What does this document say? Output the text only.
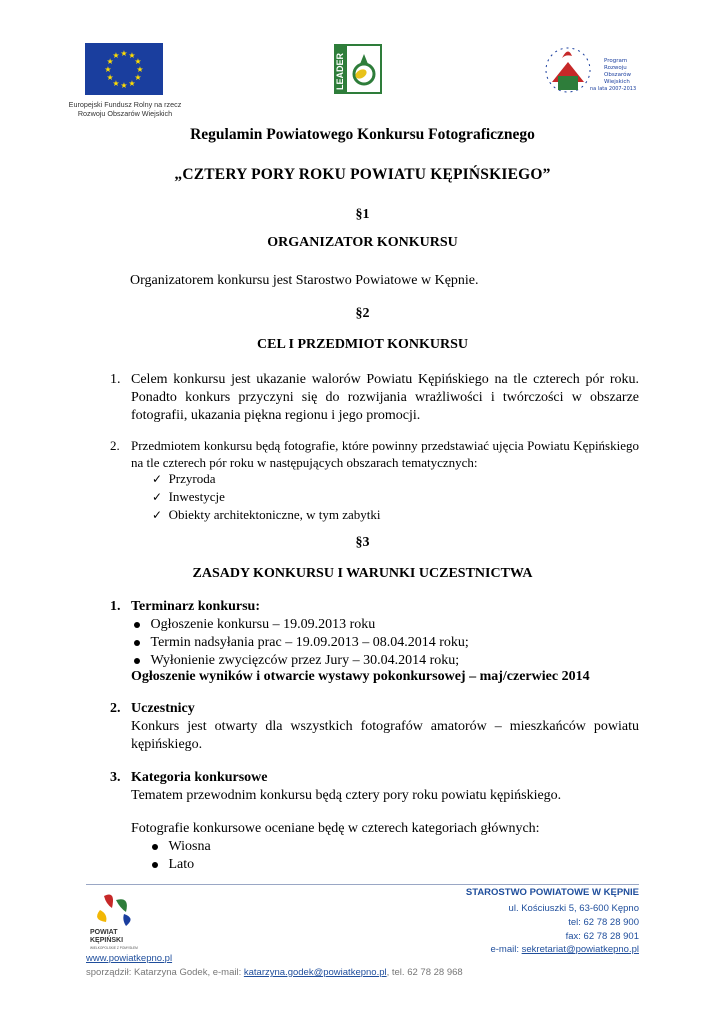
★ ★
★
★
★
★
★
★
★
★
★
★
Europejski Fundusz Rolny na rzecz
Rozwoju Obszarów Wiejskich
LEADER	Program
Rozwoju
Obszarów
Wiejskich
na lata 2007-2013
Regulamin Powiatowego Konkursu Fotograficznego
„CZTERY PORY ROKU POWIATU KĘPIŃSKIEGO”
§1
ORGANIZATOR KONKURSU
Organizatorem konkursu jest Starostwo Powiatowe w Kępnie.
§2
CEL I PRZEDMIOT KONKURSU
1. Celem konkursu jest ukazanie walorów Powiatu Kępińskiego na tle czterech pór roku. Ponadto konkurs przyczyni się do rozwijania wrażliwości i twórczości w obszarze fotografii, ukazania piękna regionu i jego promocji.
2. Przedmiotem konkursu będą fotografie, które powinny przedstawiać ujęcia Powiatu Kępińskiego na tle czterech pór roku w następujących obszarach tematycznych:
✓ Przyroda
✓ Inwestycje
✓ Obiekty architektoniczne, w tym zabytki
§3
ZASADY KONKURSU I WARUNKI UCZESTNICTWA
1. Terminarz konkursu:
Ogłoszenie konkursu – 19.09.2013 roku
Termin nadsyłania prac – 19.09.2013 – 08.04.2014 roku;
Wyłonienie zwycięzców przez Jury – 30.04.2014 roku;
Ogłoszenie wyników i otwarcie wystawy pokonkursowej – maj/czerwiec 2014
2. Uczestnicy
Konkurs jest otwarty dla wszystkich fotografów amatorów – mieszkańców powiatu kępińskiego.
3. Kategoria konkursowe
Tematem przewodnim konkursu będą cztery pory roku powiatu kępińskiego.
Fotografie konkursowe oceniane będę w czterech kategoriach głównych:
Wiosna
Lato
POWIAT
KĘPIŃSKI
WIELKOPOLSKIE Z POMYSŁEM
STAROSTWO POWIATOWE W KĘPNIE
ul. Kościuszki 5, 63-600 Kępno
tel: 62 78 28 900
fax: 62 78 28 901
e-mail: sekretariat@powiatkepno.pl
www.powiatkepno.pl
sporządził: Katarzyna Godek, e-mail: katarzyna.godek@powiatkepno.pl, tel. 62 78 28 968
